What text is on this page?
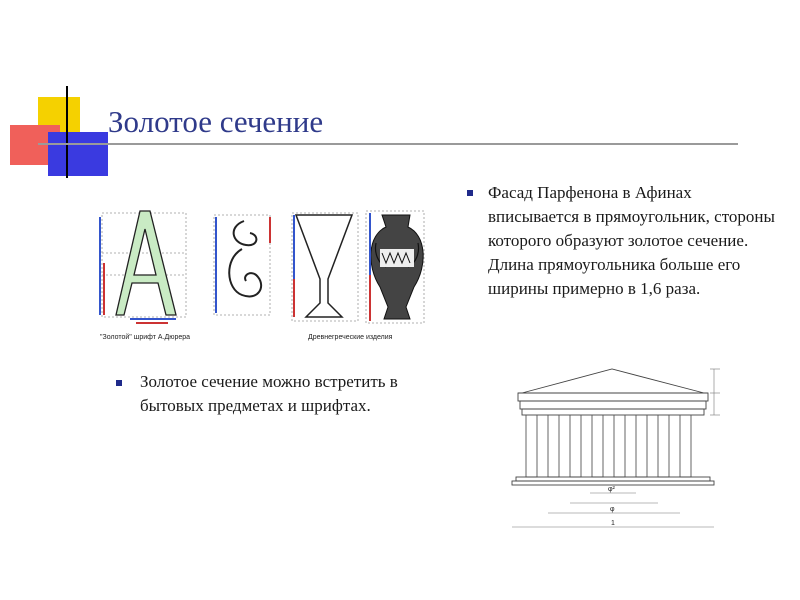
Золотое сечение
Фасад Парфенона в Афинах вписывается в прямоугольник, стороны которого образуют золотое сечение. Длина прямоугольника больше его ширины примерно в 1,6 раза.
Золотое сечение можно встретить в бытовых предметах и шрифтах.
"Золотой" шрифт А.Дюрера	Древнегреческие изделия
φ²
φ
1
